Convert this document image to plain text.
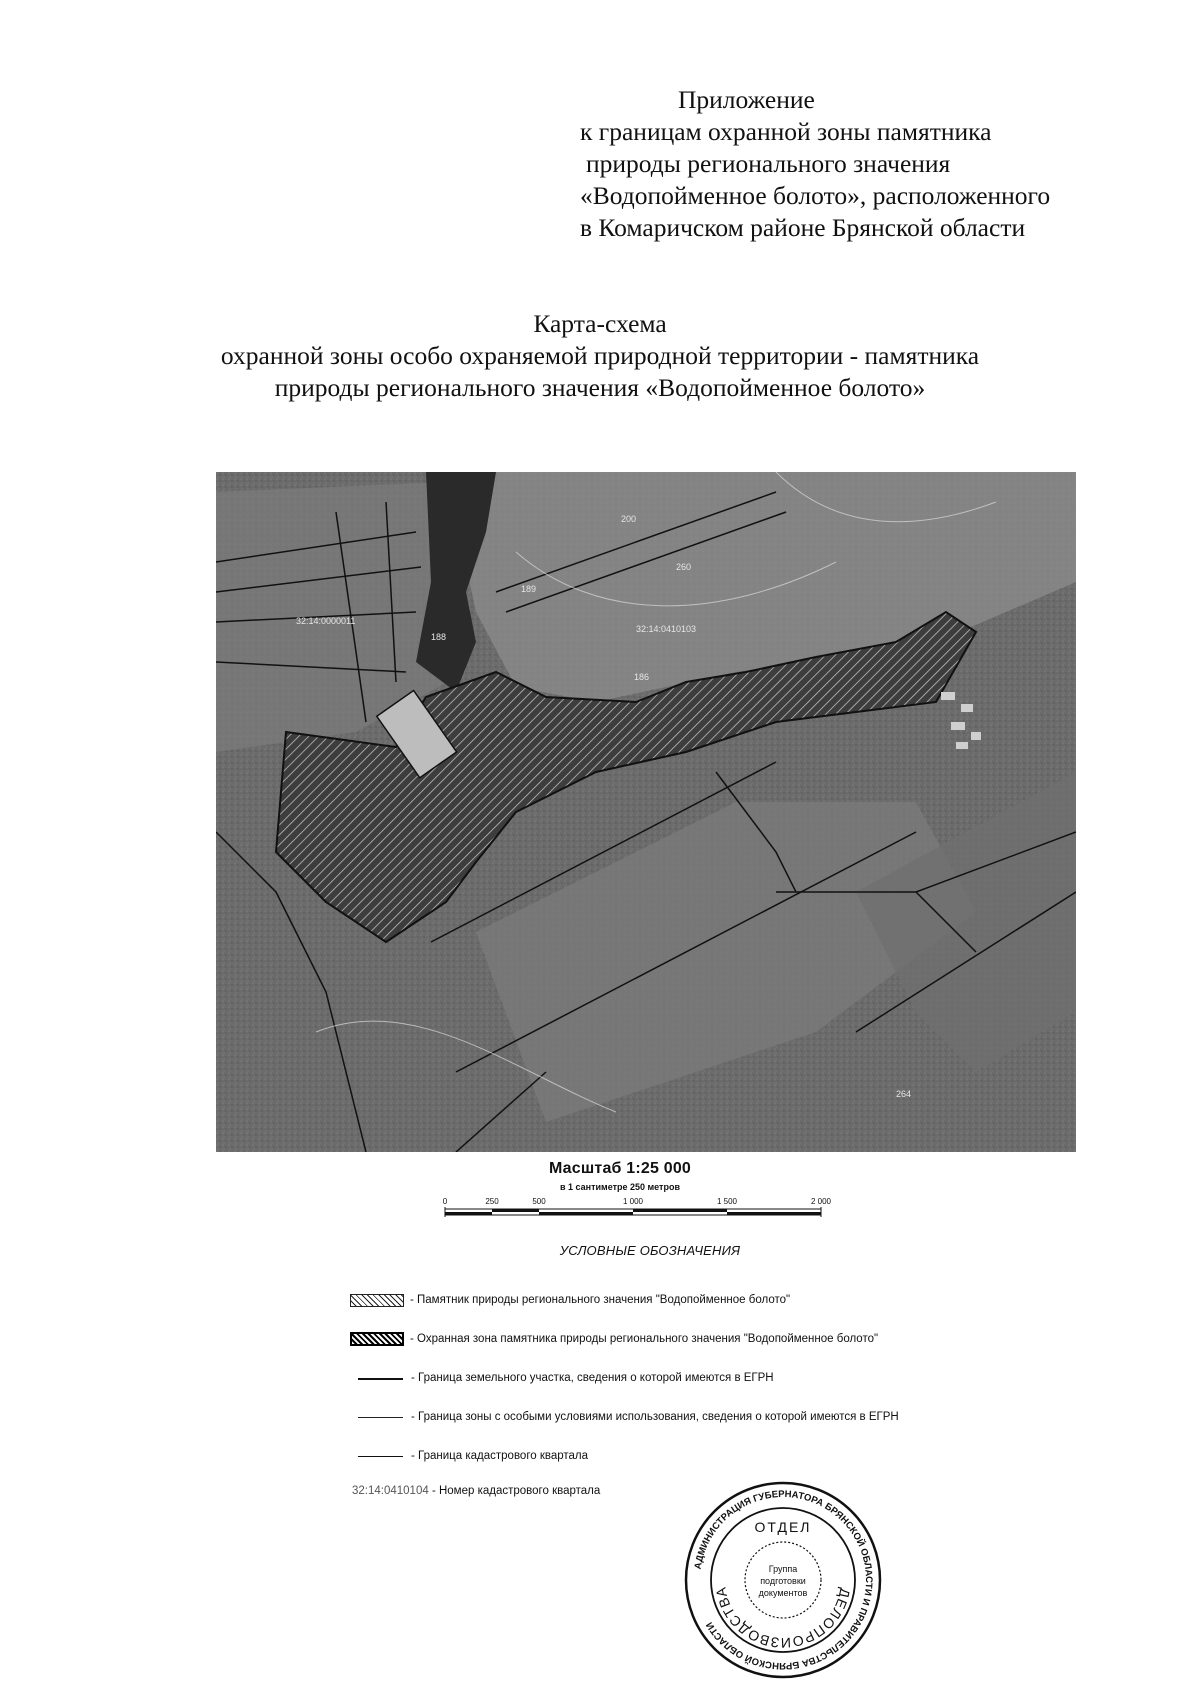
Приложение
к границам охранной зоны памятника
природы регионального значения
«Водопойменное болото», расположенного
в Комаричском районе Брянской области
Карта-схема
охранной зоны особо охраняемой природной территории - памятника
природы регионального значения «Водопойменное болото»
32:14:0000011
32:14:0410103
186
188
189
200
260
264
Масштаб 1:25 000
в 1 сантиметре 250 метров
0	250	500	1 000	1 500	2 000
УСЛОВНЫЕ ОБОЗНАЧЕНИЯ
- Памятник природы регионального значения "Водопойменное болото"
- Охранная зона памятника природы регионального значения "Водопойменное болото"
- Граница земельного участка, сведения о которой имеются в ЕГРН
- Граница зоны с особыми условиями использования, сведения о которой имеются в ЕГРН
- Граница кадастрового квартала
32:14:0410104 - Номер кадастрового квартала
АДМИНИСТРАЦИЯ ГУБЕРНАТОРА БРЯНСКОЙ ОБЛАСТИ И ПРАВИТЕЛЬСТВА БРЯНСКОЙ ОБЛАСТИ
ОТДЕЛ
ДЕЛОПРОИЗВОДСТВА
Группа
подготовки
документов
